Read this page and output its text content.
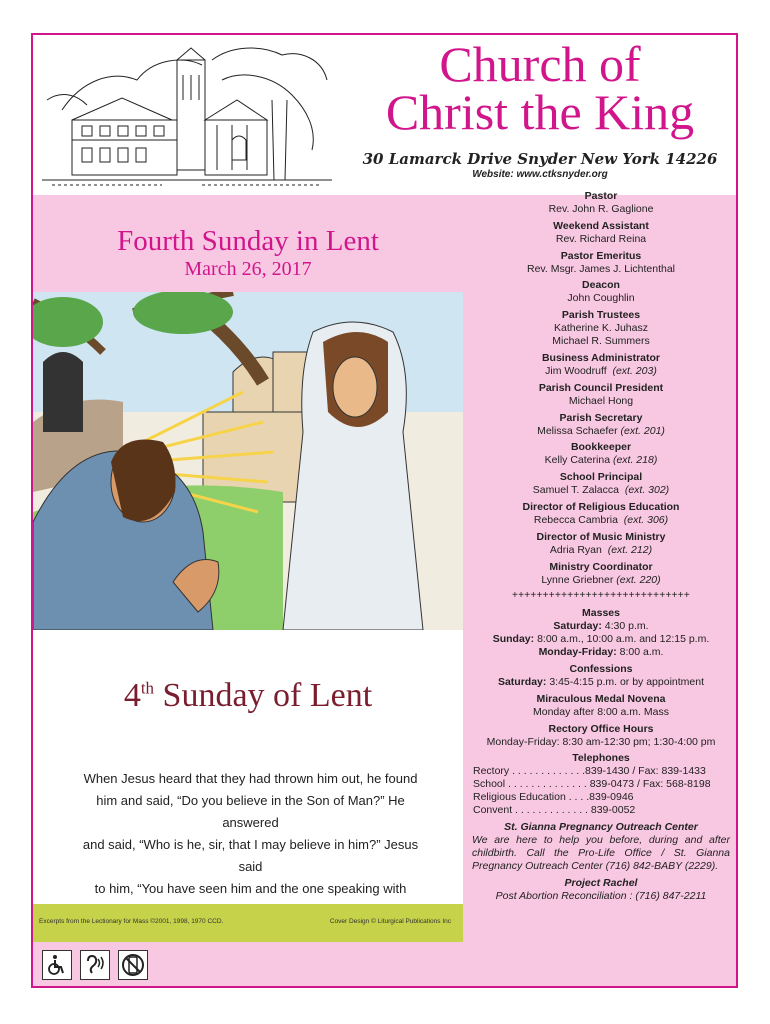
Church of
Christ the King
30 Lamarck Drive Snyder New York 14226
Website: www.ctksnyder.org
Fourth Sunday in Lent
March 26, 2017
4th Sunday of Lent
When Jesus heard that they had thrown him out, he found
him and said, “Do you believe in the Son of Man?” He answered
and said, “Who is he, sir, that I may believe in him?” Jesus said
to him, “You have seen him and the one speaking with

Excerpts from the Lectionary for Mass ©2001, 1998, 1970 CCD.	Cover Design © Liturgical Publications Inc
Pastor
Rev. John R. Gaglione
Weekend Assistant
Rev. Richard Reina
Pastor Emeritus
Rev. Msgr. James J. Lichtenthal
Deacon
John Coughlin
Parish Trustees
Katherine K. Juhasz
Michael R. Summers
Business Administrator
Jim Woodruff (ext. 203)
Parish Council President
Michael Hong
Parish Secretary
Melissa Schaefer (ext. 201)
Bookkeeper
Kelly Caterina (ext. 218)
School Principal
Samuel T. Zalacca (ext. 302)
Director of Religious Education
Rebecca Cambria (ext. 306)
Director of Music Ministry
Adria Ryan (ext. 212)
Ministry Coordinator
Lynne Griebner (ext. 220)
+++++++++++++++++++++++++++++
Masses
Saturday: 4:30 p.m.
Sunday: 8:00 a.m., 10:00 a.m. and 12:15 p.m.
Monday-Friday: 8:00 a.m.
Confessions
Saturday: 3:45-4:15 p.m. or by appointment
Miraculous Medal Novena
Monday after 8:00 a.m. Mass
Rectory Office Hours
Monday-Friday: 8:30 am-12:30 pm; 1:30-4:00 pm
Telephones
Rectory . . . . . . . . . . . . .839-1430 / Fax: 839-1433
School . . . . . . . . . . . . . . 839-0473 / Fax: 568-8198
Religious Education . . . .839-0946
Convent . . . . . . . . . . . . . 839-0052
St. Gianna Pregnancy Outreach Center
We are here to help you before, during and after childbirth. Call the Pro-Life Office / St. Gianna Pregnancy Outreach Center (716) 842-BABY (2229).
Project Rachel
Post Abortion Reconciliation : (716) 847-2211
